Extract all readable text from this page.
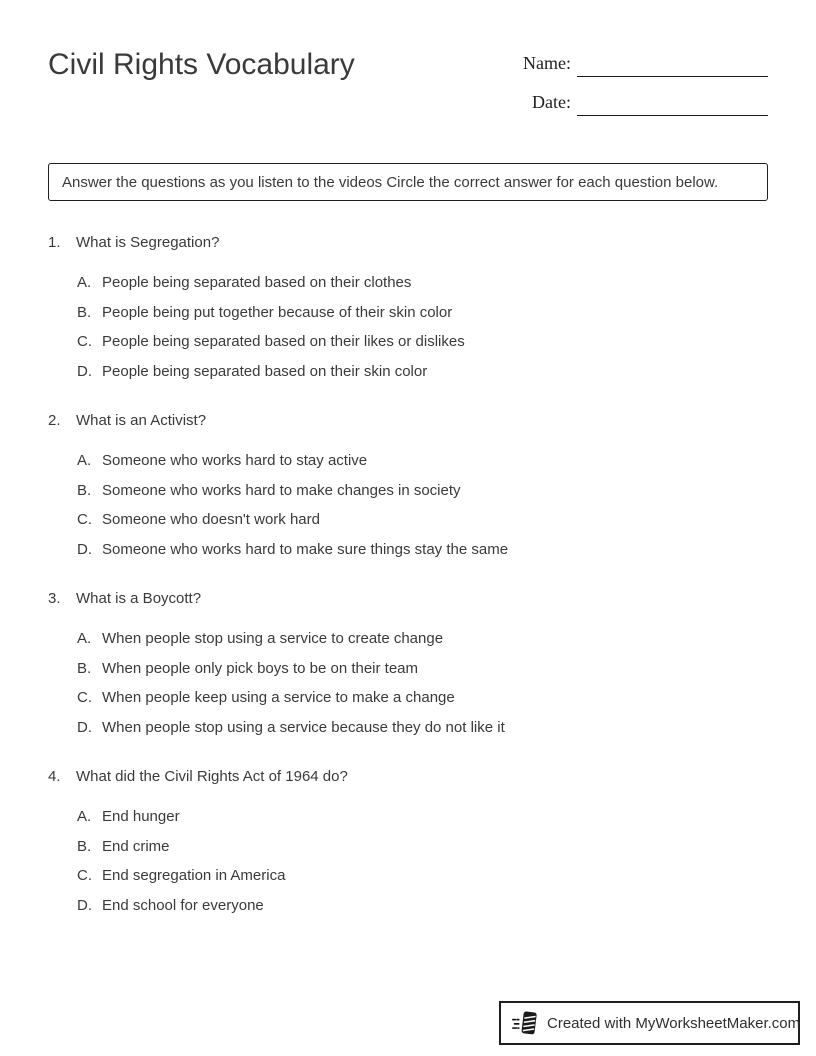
Civil Rights Vocabulary	Name:
Date:
Answer the questions as you listen to the videos Circle the correct answer for each question below.
1.	What is Segregation?
A. People being separated based on their clothes
B. People being put together because of their skin color
C. People being separated based on their likes or dislikes
D. People being separated based on their skin color
2.	What is an Activist?
A. Someone who works hard to stay active
B. Someone who works hard to make changes in society
C. Someone who doesn't work hard
D. Someone who works hard to make sure things stay the same
3.	What is a Boycott?
A. When people stop using a service to create change
B. When people only pick boys to be on their team
C. When people keep using a service to make a change
D. When people stop using a service because they do not like it
4.	What did the Civil Rights Act of 1964 do?
A. End hunger
B. End crime
C. End segregation in America
D. End school for everyone
Created with MyWorksheetMaker.com
